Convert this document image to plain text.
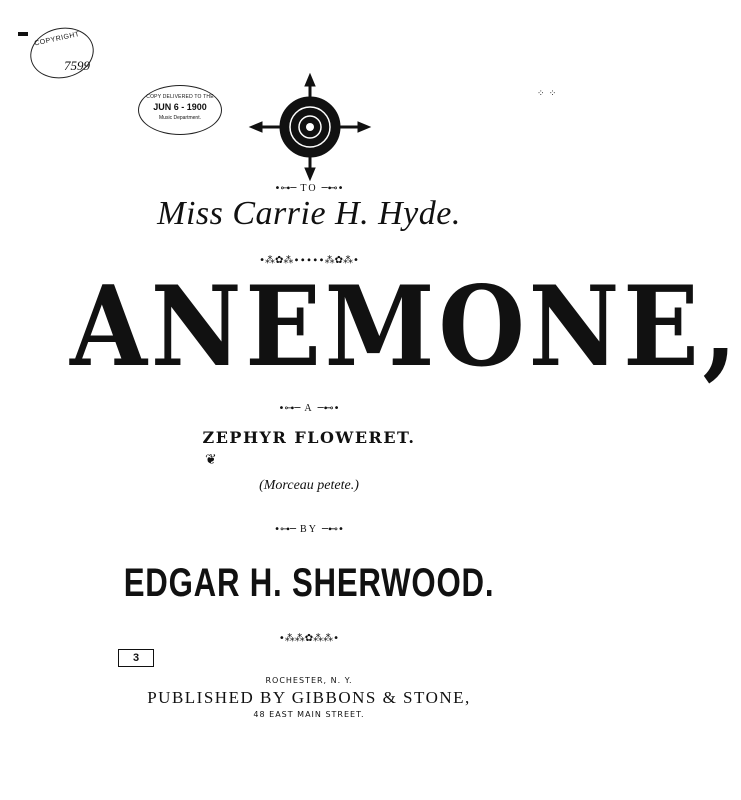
COPYRIGHT
7599
COPY DELIVERED TO THE
JUN 6 - 1900
Music Department.
⁘ ⁘
•⊶─ TO ─⊷•
Miss Carrie H. Hyde.
•⁂✿⁂∙∙∙∙∙⁂✿⁂•
ANEMONE,
•⊶─ A ─⊷•
ZEPHYR FLOWERET.
❦
(Morceau petete.)
•⊶─ BY ─⊷•
EDGAR H. SHERWOOD.
•⁂⁂✿⁂⁂•
3
ROCHESTER, N. Y.
PUBLISHED BY GIBBONS & STONE,
48 EAST MAIN STREET.
